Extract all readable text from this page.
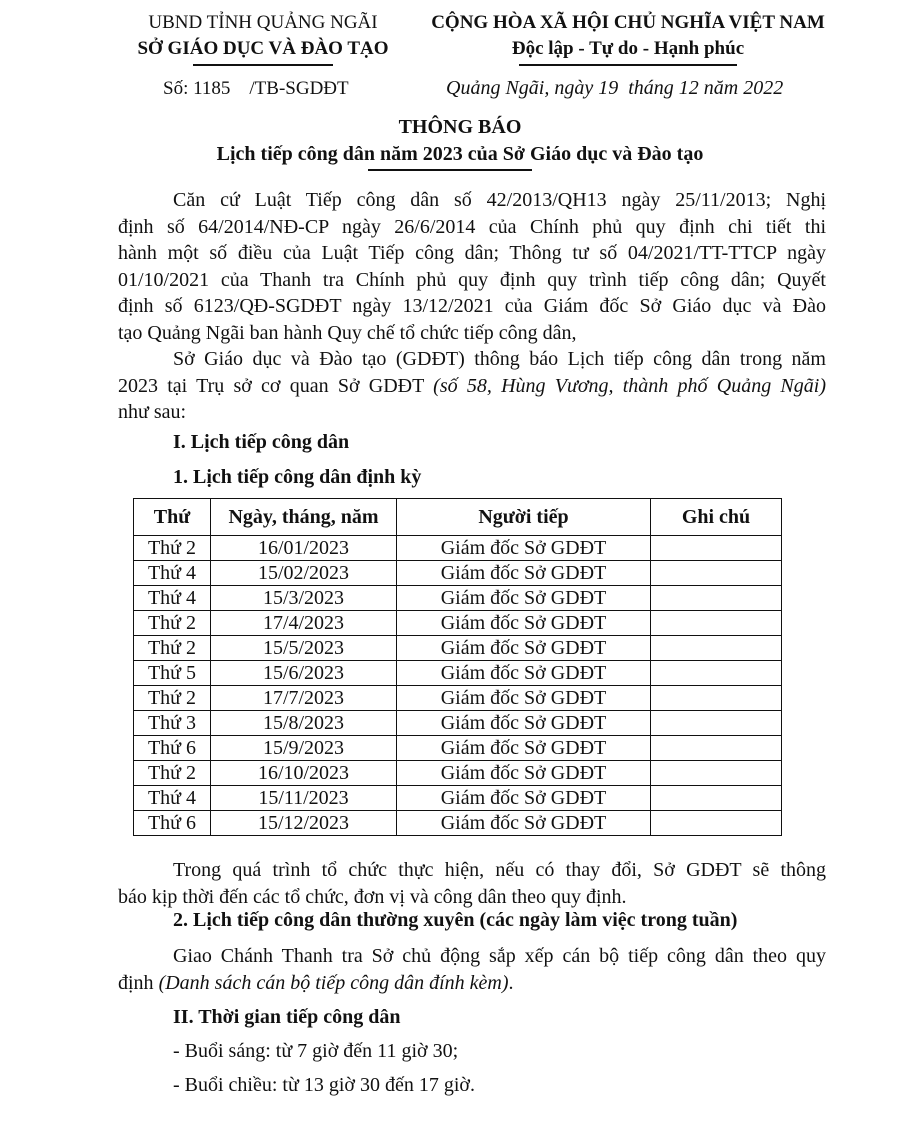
UBND TỈNH QUẢNG NGÃI
SỞ GIÁO DỤC VÀ ĐÀO TẠO
Số: 1185    /TB-SGDĐT
CỘNG HÒA XÃ HỘI CHỦ NGHĨA VIỆT NAM
Độc lập - Tự do - Hạnh phúc
Quảng Ngãi, ngày 19  tháng 12 năm 2022
THÔNG BÁO
Lịch tiếp công dân năm 2023 của Sở Giáo dục và Đào tạo
Căn cứ Luật Tiếp công dân số 42/2013/QH13 ngày 25/11/2013; Nghị
định số 64/2014/NĐ-CP ngày 26/6/2014 của Chính phủ quy định chi tiết thi
hành một số điều của Luật Tiếp công dân; Thông tư số 04/2021/TT-TTCP ngày
01/10/2021 của Thanh tra Chính phủ quy định quy trình tiếp công dân; Quyết
định số 6123/QĐ-SGDĐT ngày 13/12/2021 của Giám đốc Sở Giáo dục và Đào
tạo Quảng Ngãi ban hành Quy chế tổ chức tiếp công dân,
Sở Giáo dục và Đào tạo (GDĐT) thông báo Lịch tiếp công dân trong năm
2023 tại Trụ sở cơ quan Sở GDĐT (số 58, Hùng Vương, thành phố Quảng Ngãi)
như sau:
I. Lịch tiếp công dân
1. Lịch tiếp công dân định kỳ
Thứ	Ngày, tháng, năm	Người tiếp	Ghi chú
Thứ 2	16/01/2023	Giám đốc Sở GDĐT	
Thứ 4	15/02/2023	Giám đốc Sở GDĐT	
Thứ 4	15/3/2023	Giám đốc Sở GDĐT	
Thứ 2	17/4/2023	Giám đốc Sở GDĐT	
Thứ 2	15/5/2023	Giám đốc Sở GDĐT	
Thứ 5	15/6/2023	Giám đốc Sở GDĐT	
Thứ 2	17/7/2023	Giám đốc Sở GDĐT	
Thứ 3	15/8/2023	Giám đốc Sở GDĐT	
Thứ 6	15/9/2023	Giám đốc Sở GDĐT	
Thứ 2	16/10/2023	Giám đốc Sở GDĐT	
Thứ 4	15/11/2023	Giám đốc Sở GDĐT	
Thứ 6	15/12/2023	Giám đốc Sở GDĐT	
Trong quá trình tổ chức thực hiện, nếu có thay đổi, Sở GDĐT sẽ thông
báo kịp thời đến các tổ chức, đơn vị và công dân theo quy định.
2. Lịch tiếp công dân thường xuyên (các ngày làm việc trong tuần)
Giao Chánh Thanh tra Sở chủ động sắp xếp cán bộ tiếp công dân theo quy
định (Danh sách cán bộ tiếp công dân đính kèm).
II. Thời gian tiếp công dân
- Buổi sáng: từ 7 giờ đến 11 giờ 30;
- Buổi chiều: từ 13 giờ 30 đến 17 giờ.
